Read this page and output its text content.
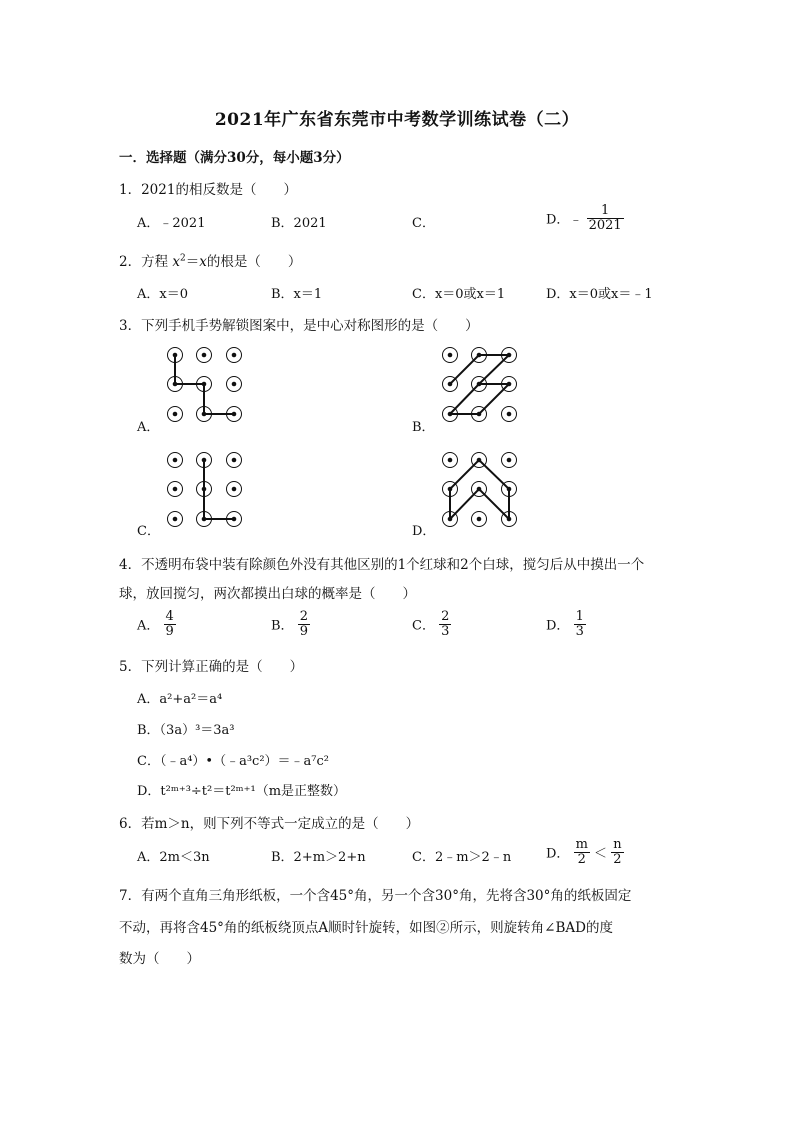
2021年广东省东莞市中考数学训练试卷（二）
一．选择题（满分30分，每小题3分）
1．2021的相反数是（　　）
A．﹣2021	B．2021	C．	D．﹣ $\frac{1}{2021}$
2．方程 $x^2=x$的根是（　　）
A．x＝0	B．x＝1	C．x＝0或x＝1	D．x＝0或x＝﹣1
3．下列手机手势解锁图案中，是中心对称图形的是（　　）
A．	B．
C．	D．
4．不透明布袋中装有除颜色外没有其他区别的1个红球和2个白球，搅匀后从中摸出一个
球，放回搅匀，两次都摸出白球的概率是（　　）
A． $\frac{4}{9}$	B． $\frac{2}{9}$	C． $\frac{2}{3}$	D． $\frac{1}{3}$
5．下列计算正确的是（　　）
A．a²+a²＝a⁴
B．（3a）³＝3a³
C．（﹣a⁴）•（﹣a³c²）＝﹣a⁷c²
D．t²ᵐ⁺³÷t²＝t²ᵐ⁺¹（m是正整数）
6．若m＞n，则下列不等式一定成立的是（　　）
A．2m＜3n	B．2+m＞2+n	C．2﹣m＞2﹣n	D． $\frac{m}{2} < \frac{n}{2}$
7．有两个直角三角形纸板，一个含45°角，另一个含30°角，先将含30°角的纸板固定
不动，再将含45°角的纸板绕顶点A顺时针旋转，如图②所示，则旋转角∠BAD的度
数为（　　）
